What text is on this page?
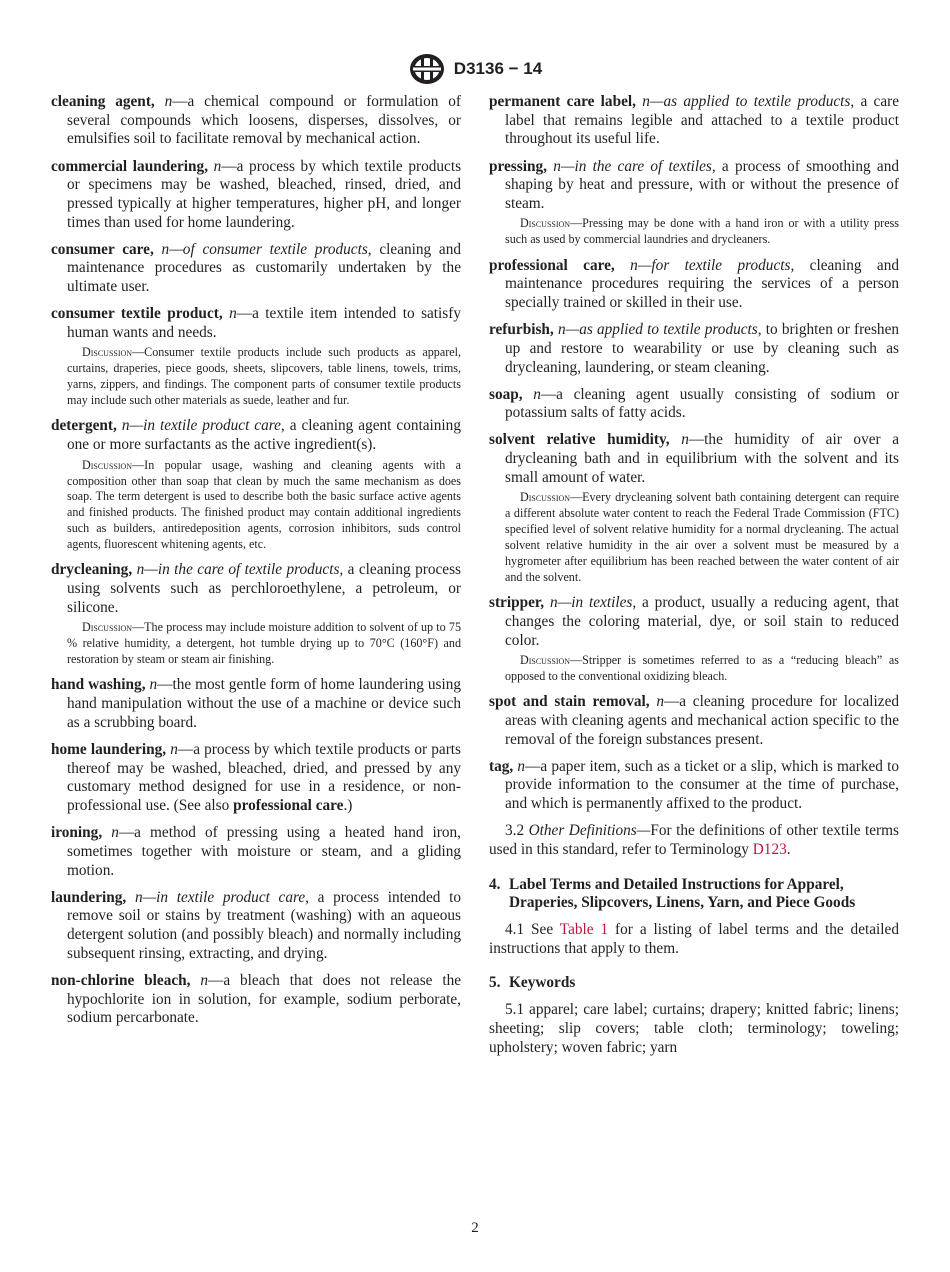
D3136 − 14

cleaning agent, n—a chemical compound or formulation of several compounds which loosens, disperses, dissolves, or emulsifies soil to facilitate removal by mechanical action.

commercial laundering, n—a process by which textile products or specimens may be washed, bleached, rinsed, dried, and pressed typically at higher temperatures, higher pH, and longer times than used for home laundering.

consumer care, n—of consumer textile products, cleaning and maintenance procedures as customarily undertaken by the ultimate user.

consumer textile product, n—a textile item intended to satisfy human wants and needs.

Discussion—Consumer textile products include such products as apparel, curtains, draperies, piece goods, sheets, slipcovers, table linens, towels, trims, yarns, zippers, and findings. The component parts of consumer textile products may include such other materials as suede, leather and fur.

detergent, n—in textile product care, a cleaning agent containing one or more surfactants as the active ingredient(s).

Discussion—In popular usage, washing and cleaning agents with a composition other than soap that clean by much the same mechanism as does soap. The term detergent is used to describe both the basic surface active agents and finished products. The finished product may contain additional ingredients such as builders, antiredeposition agents, corrosion inhibitors, suds control agents, fluorescent whitening agents, etc.

drycleaning, n—in the care of textile products, a cleaning process using solvents such as perchloroethylene, a petroleum, or silicone.

Discussion—The process may include moisture addition to solvent of up to 75 % relative humidity, a detergent, hot tumble drying up to 70°C (160°F) and restoration by steam or steam air finishing.

hand washing, n—the most gentle form of home laundering using hand manipulation without the use of a machine or device such as a scrubbing board.

home laundering, n—a process by which textile products or parts thereof may be washed, bleached, dried, and pressed by any customary method designed for use in a residence, or non-professional use. (See also professional care.)

ironing, n—a method of pressing using a heated hand iron, sometimes together with moisture or steam, and a gliding motion.

laundering, n—in textile product care, a process intended to remove soil or stains by treatment (washing) with an aqueous detergent solution (and possibly bleach) and normally including subsequent rinsing, extracting, and drying.

non-chlorine bleach, n—a bleach that does not release the hypochlorite ion in solution, for example, sodium perborate, sodium percarbonate.

permanent care label, n—as applied to textile products, a care label that remains legible and attached to a textile product throughout its useful life.

pressing, n—in the care of textiles, a process of smoothing and shaping by heat and pressure, with or without the presence of steam.

Discussion—Pressing may be done with a hand iron or with a utility press such as used by commercial laundries and drycleaners.

professional care, n—for textile products, cleaning and maintenance procedures requiring the services of a person specially trained or skilled in their use.

refurbish, n—as applied to textile products, to brighten or freshen up and restore to wearability or use by cleaning such as drycleaning, laundering, or steam cleaning.

soap, n—a cleaning agent usually consisting of sodium or potassium salts of fatty acids.

solvent relative humidity, n—the humidity of air over a drycleaning bath and in equilibrium with the solvent and its small amount of water.

Discussion—Every drycleaning solvent bath containing detergent can require a different absolute water content to reach the Federal Trade Commission (FTC) specified level of solvent relative humidity for a normal drycleaning. The actual solvent relative humidity in the air over a solvent must be measured by a hygrometer after equilibrium has been reached between the water content of air and the solvent.

stripper, n—in textiles, a product, usually a reducing agent, that changes the coloring material, dye, or soil stain to reduced color.

Discussion—Stripper is sometimes referred to as a “reducing bleach” as opposed to the conventional oxidizing bleach.

spot and stain removal, n—a cleaning procedure for localized areas with cleaning agents and mechanical action specific to the removal of the foreign substances present.

tag, n—a paper item, such as a ticket or a slip, which is marked to provide information to the consumer at the time of purchase, and which is permanently affixed to the product.

3.2 Other Definitions—For the definitions of other textile terms used in this standard, refer to Terminology D123.

4. Label Terms and Detailed Instructions for Apparel, Draperies, Slipcovers, Linens, Yarn, and Piece Goods

4.1 See Table 1 for a listing of label terms and the detailed instructions that apply to them.

5. Keywords

5.1 apparel; care label; curtains; drapery; knitted fabric; linens; sheeting; slip covers; table cloth; terminology; toweling; upholstery; woven fabric; yarn

2
